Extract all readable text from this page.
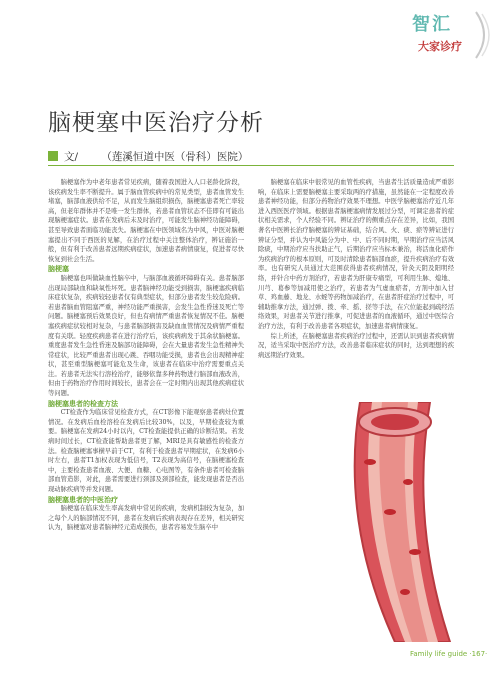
智汇
大家诊疗
脑梗塞中医治疗分析
文/ （莲溪恒道中医（骨科）医院）

脑梗塞作为中老年患者常见疾病，随着我国进入人口老龄化阶段，该疾病发生率不断提升。属于脑血管疾病中的常见类型，患者血管发生堵塞，脑部血液供给不足，从而发生脑组织损伤，脑梗塞患者死亡率较高，但老年群体并不是唯一发生群体，若患者血管状态不佳即有可能出现脑梗塞症状。患者在发病后未及时治疗，可能发生脑神经功能障碍，甚至导致患者面临功能丧失。脑梗塞在中医领域名为中风，中医对脑梗塞提出不同于西医的见解，在治疗过程中关注整体治疗，辨证施治一般，但有利于改善患者远期疾病症状，加速患者病情康复，促进者尽快恢复到社会生活。

脑梗塞

脑梗塞也叫做缺血性脑卒中，与脑部血液循环障碍有关。患者脑部出现局部缺血和缺氧性坏死。患者脑神经功能受到损害，脑梗塞疾病临床症状复杂，疾病较轻患者仅有典型症状，但部分患者发生较危险病。若患者脑血管阻塞严重，神经功能严重损害，会发生急性昏迷及死亡等问题。脑梗塞预后效果良好，但也有病情严重患者恢复情况不佳。脑梗塞疾病症状较相对复杂，与患者脑部损害及缺血血管情况及病情严重程度有关联。轻度疾病患者在进行治疗后，该疾病病发于其余状脑梗塞。重度患者发生急性昏迷及脑部功能障碍，会在大量患者发生急性精神失常症状，比较严重患者出现心跳、吞咽功能受损，患者也会出现精神症状，甚至重型脑梗塞可能危及生命，该患者在临床中治疗需要重点关注。若患者无法实行溶栓治疗，能够依靠多种药物进行脑部血液改善，但由于药物治疗作用时间较长，患者会在一定时期内出现其他疾病症状等问题。

脑梗塞患者的检查方法

CT检查作为临床常见检查方式，在CT影像下能观察患者病灶位置情况。在发病后血栓溶栓在发病后比较30%，以及，早期检查较为重要。脑梗塞在发病24小时以内，CT检查能提供正确的诊断结果。若发病时间过长，CT检查能帮助患者更了解，MRI是具有敏感性的检查方法。检查脑梗塞事横早前于CT，有利于检查患者早期症状，在发病6小时左右，患者T1加权表现为低信号，T2表现为高信号，在脑梗塞检查中，主要检查患者血液、大便、血糖、心电图等，有条件患者可检查脑部血管造影，对此，患者需要进行颈部及颈部检查，能发现患者是否出现动脉疾病等并发问题。

脑梗塞患者的中医治疗

脑梗塞在临床发生率高发病中常见的疾病，发病机制较为复杂，加之每个人的脑部情况不同，患者在发病后疾病表现存在差异，相关研究认为，脑梗塞对患者脑神经元造成损伤，患者容易发生脑卒中

脑梗塞在临床中很常见的血管性疾病，当患者生活质量造成严重影响，在临床上需要脑梗塞主要采取两的疗措施，虽然能在一定程度改善患者神经功能，但部分药物治疗效果不理想。中医学脑梗塞治疗近几年进入西医医疗领域。根据患者脑梗塞病情发展过分型，可调定患者的症状相关需求，个人经验不同。辨证治疗的侧重点存在差异，比如，我国著名中医辨长治疗脑梗塞的辨证基础，结合风、火、痰、瘀等辨证进行辨证分型，并认为中风能分为中、中、后不同时期，早期治疗应当活风除痰，中期治疗应当扶助正气，后期治疗应当标本兼治，将活血化瘀作为疾病治疗的根本原则，可及时清除患者脑部血瘀，提升疾病治疗有效率。也有研究人员通过大范围获得患者疾病情况，针灸天阴及阳明经络，并针合中药方剂治疗，若患者为肝康专痛型，可利用生脉、熄地、川芎、葛参等加减用使之治疗，若患者为气虚血瘀者，方剂中加入甘草、鸡血藤、地龙、水蛭等药物加减治疗，在患者肝症治疗过程中，可辅助推拿方法，通过弹、拨、牵、摇、搓等手法，在穴位能起到疏经活络效果，对患者关节进行推拿，可促进患者的血液循环，通过中医综合治疗方法，有利于改善患者各项症状，加速患者病情康复。

综上所述，在脑梗塞患者疾病治疗过程中，还需认识到患者疾病情况，适当采取中医治疗方法，改善患者临床症状的同时，达到理想的疾病远期治疗效果。

Family life guide ·167·
